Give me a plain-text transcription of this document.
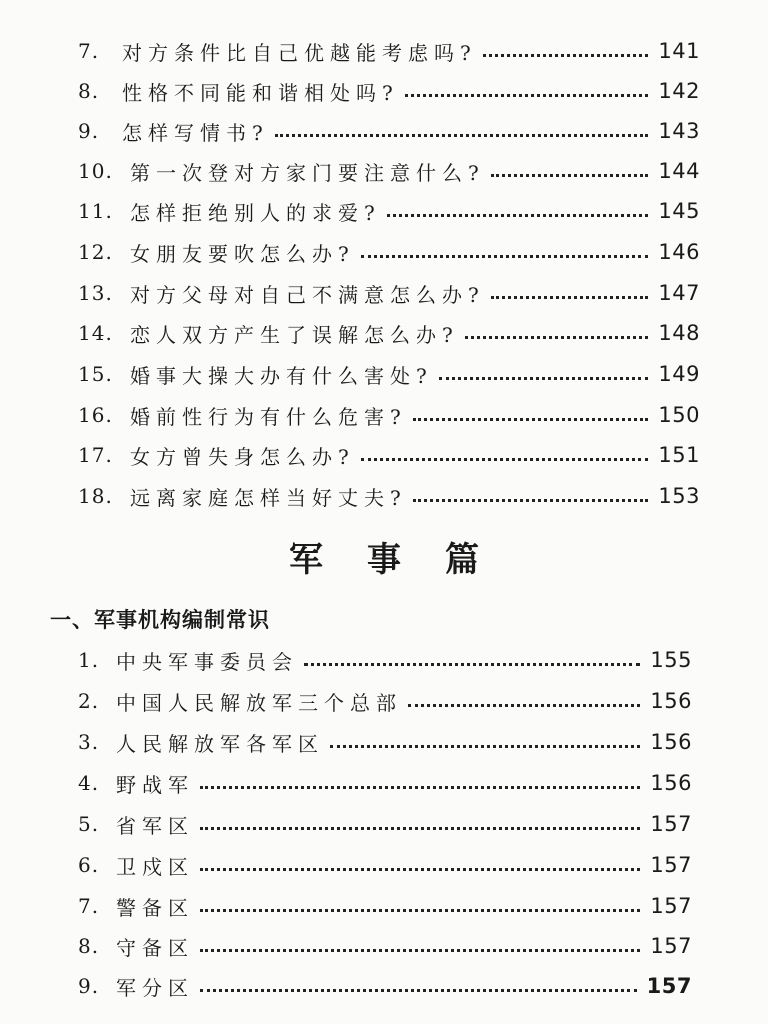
7.	对方条件比自己优越能考虑吗?	141
8.	性格不同能和谐相处吗?	142
9.	怎样写情书?	143
10. 第一次登对方家门要注意什么?	144
11. 怎样拒绝别人的求爱?	145
12. 女朋友要吹怎么办?	146
13. 对方父母对自己不满意怎么办?	147
14. 恋人双方产生了误解怎么办?	148
15. 婚事大操大办有什么害处?	149
16. 婚前性行为有什么危害?	150
17. 女方曾失身怎么办?	151
18. 远离家庭怎样当好丈夫?	153
军事篇
一、军事机构编制常识
1. 中央军事委员会	155
2. 中国人民解放军三个总部	156
3. 人民解放军各军区	156
4. 野战军	156
5. 省军区	157
6. 卫戍区	157
7. 警备区	157
8. 守备区	157
9. 军分区	157
